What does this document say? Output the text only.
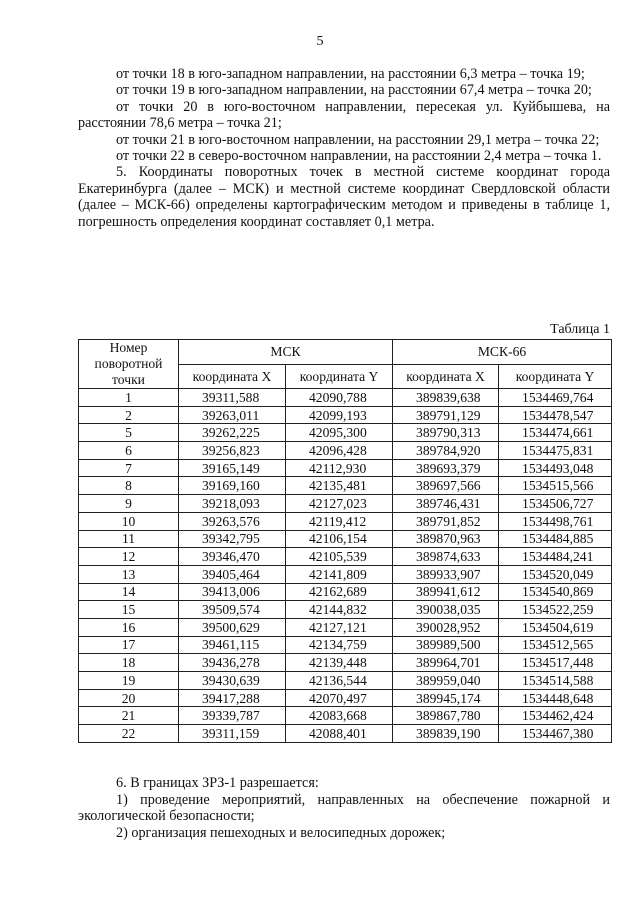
5

от точки 18 в юго-западном направлении, на расстоянии 6,3 метра – точка 19;

от точки 19 в юго-западном направлении, на расстоянии 67,4 метра – точка 20;

от точки 20 в юго-восточном направлении, пересекая ул. Куйбышева, на расстоянии 78,6 метра – точка 21;

от точки 21 в юго-восточном направлении, на расстоянии 29,1 метра – точка 22;

от точки 22 в северо-восточном направлении, на расстоянии 2,4 метра – точка 1.

5. Координаты поворотных точек в местной системе координат города Екатеринбурга (далее – МСК) и местной системе координат Свердловской области (далее – МСК-66) определены картографическим методом и приведены в таблице 1, погрешность определения координат составляет 0,1 метра.

Таблица 1
Номер поворотной точки	МСК		МСК-66	
	координата X	координата Y	координата X	координата Y
1	39311,588	42090,788	389839,638	1534469,764
2	39263,011	42099,193	389791,129	1534478,547
5	39262,225	42095,300	389790,313	1534474,661
6	39256,823	42096,428	389784,920	1534475,831
7	39165,149	42112,930	389693,379	1534493,048
8	39169,160	42135,481	389697,566	1534515,566
9	39218,093	42127,023	389746,431	1534506,727
10	39263,576	42119,412	389791,852	1534498,761
11	39342,795	42106,154	389870,963	1534484,885
12	39346,470	42105,539	389874,633	1534484,241
13	39405,464	42141,809	389933,907	1534520,049
14	39413,006	42162,689	389941,612	1534540,869
15	39509,574	42144,832	390038,035	1534522,259
16	39500,629	42127,121	390028,952	1534504,619
17	39461,115	42134,759	389989,500	1534512,565
18	39436,278	42139,448	389964,701	1534517,448
19	39430,639	42136,544	389959,040	1534514,588
20	39417,288	42070,497	389945,174	1534448,648
21	39339,787	42083,668	389867,780	1534462,424
22	39311,159	42088,401	389839,190	1534467,380

6. В границах ЗРЗ-1 разрешается:

1) проведение мероприятий, направленных на обеспечение пожарной и экологической безопасности;

2) организация пешеходных и велосипедных дорожек;
